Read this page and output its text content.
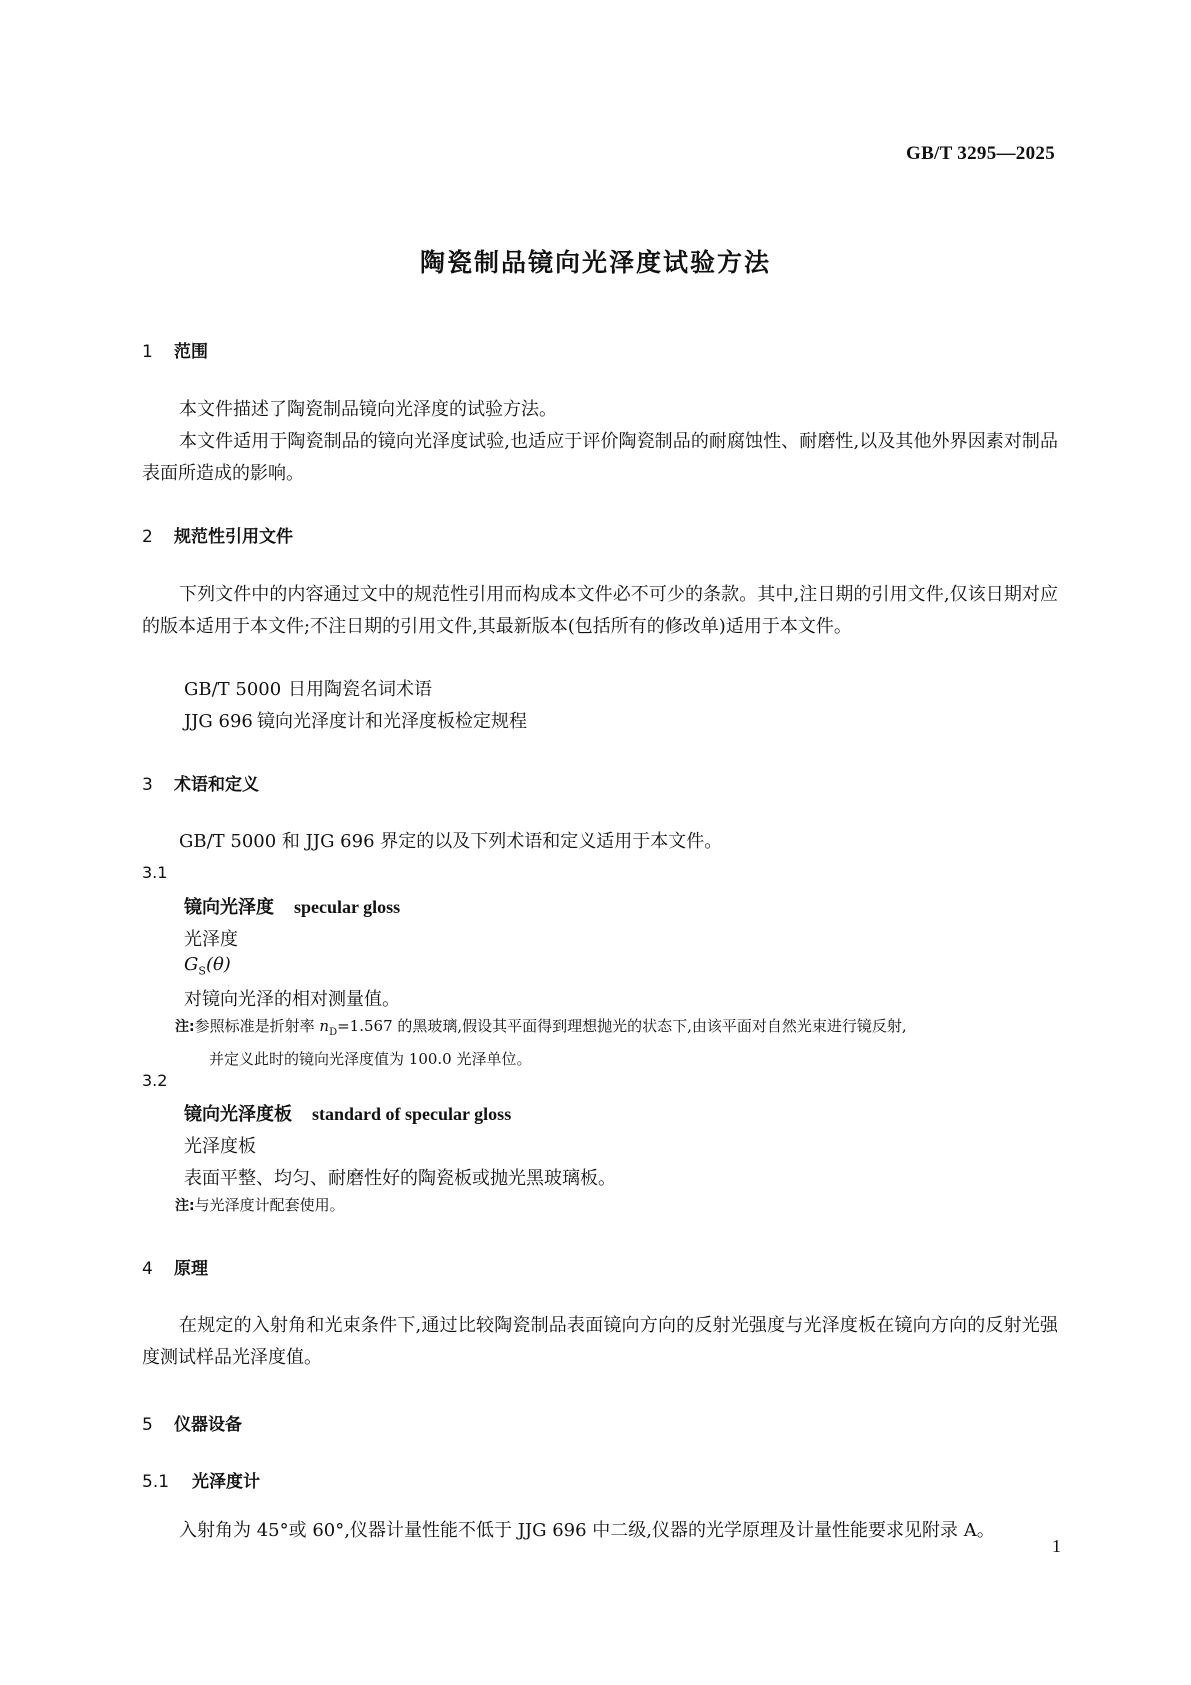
GB/T 3295—2025
陶瓷制品镜向光泽度试验方法
1 范围
本文件描述了陶瓷制品镜向光泽度的试验方法。
本文件适用于陶瓷制品的镜向光泽度试验,也适应于评价陶瓷制品的耐腐蚀性、耐磨性,以及其他外界因素对制品表面所造成的影响。
2 规范性引用文件
下列文件中的内容通过文中的规范性引用而构成本文件必不可少的条款。其中,注日期的引用文件,仅该日期对应的版本适用于本文件;不注日期的引用文件,其最新版本(包括所有的修改单)适用于本文件。
GB/T 5000 日用陶瓷名词术语
JJG 696 镜向光泽度计和光泽度板检定规程
3 术语和定义
GB/T 5000 和 JJG 696 界定的以及下列术语和定义适用于本文件。
3.1
镜向光泽度 specular gloss
光泽度
$G_S(\theta)$
对镜向光泽的相对测量值。
注:参照标准是折射率 $n_D=1.567$ 的黑玻璃,假设其平面得到理想抛光的状态下,由该平面对自然光束进行镜反射,
并定义此时的镜向光泽度值为 100.0 光泽单位。
3.2
镜向光泽度板 standard of specular gloss
光泽度板
表面平整、均匀、耐磨性好的陶瓷板或抛光黑玻璃板。
注:与光泽度计配套使用。
4 原理
在规定的入射角和光束条件下,通过比较陶瓷制品表面镜向方向的反射光强度与光泽度板在镜向方向的反射光强度测试样品光泽度值。
5 仪器设备
5.1 光泽度计
入射角为 45°或 60°,仪器计量性能不低于 JJG 696 中二级,仪器的光学原理及计量性能要求见附录 A。
1
